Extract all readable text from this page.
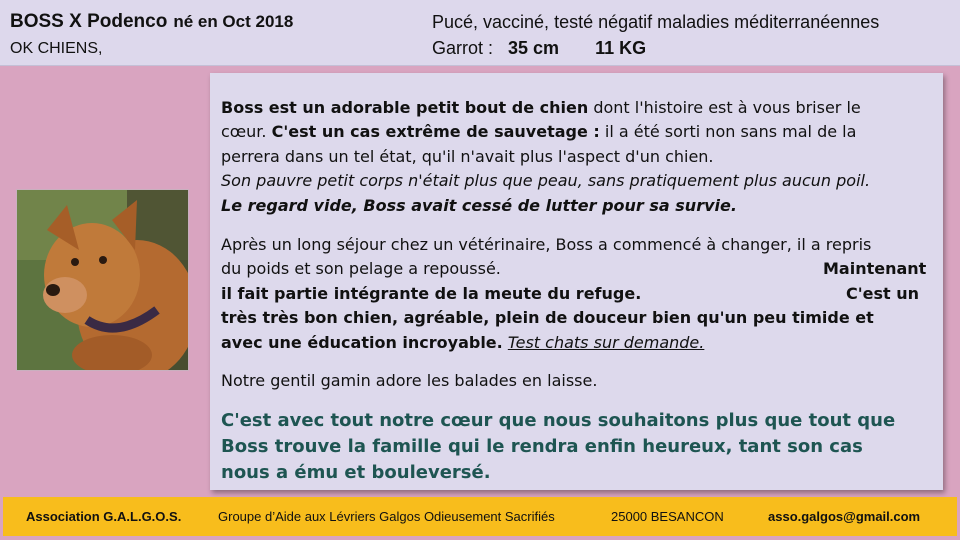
BOSS X Podenco né en Oct 2018
OK CHIENS,
Pucé, vacciné, testé négatif maladies méditerranéennes
Garrot : 35 cm 11 KG
Boss est un adorable petit bout de chien dont l'histoire est à vous briser le
cœur. C'est un cas extrême de sauvetage : il a été sorti non sans mal de la
perrera dans un tel état, qu'il n'avait plus l'aspect d'un chien.
Son pauvre petit corps n'était plus que peau, sans pratiquement plus aucun poil.
Le regard vide, Boss avait cessé de lutter pour sa survie.
Après un long séjour chez un vétérinaire, Boss a commencé à changer, il a repris
du poids et son pelage a repoussé.	Maintenant
il fait partie intégrante de la meute du refuge.	C'est un
très très bon chien, agréable, plein de douceur bien qu'un peu timide et
avec une éducation incroyable. Test chats sur demande.
Notre gentil gamin adore les balades en laisse.
C'est avec tout notre cœur que nous souhaitons plus que tout que
Boss trouve la famille qui le rendra enfin heureux, tant son cas
nous a ému et bouleversé.
Association G.A.L.G.O.S.	Groupe d’Aide aux Lévriers Galgos Odieusement Sacrifiés	25000 BESANCON	asso.galgos@gmail.com
